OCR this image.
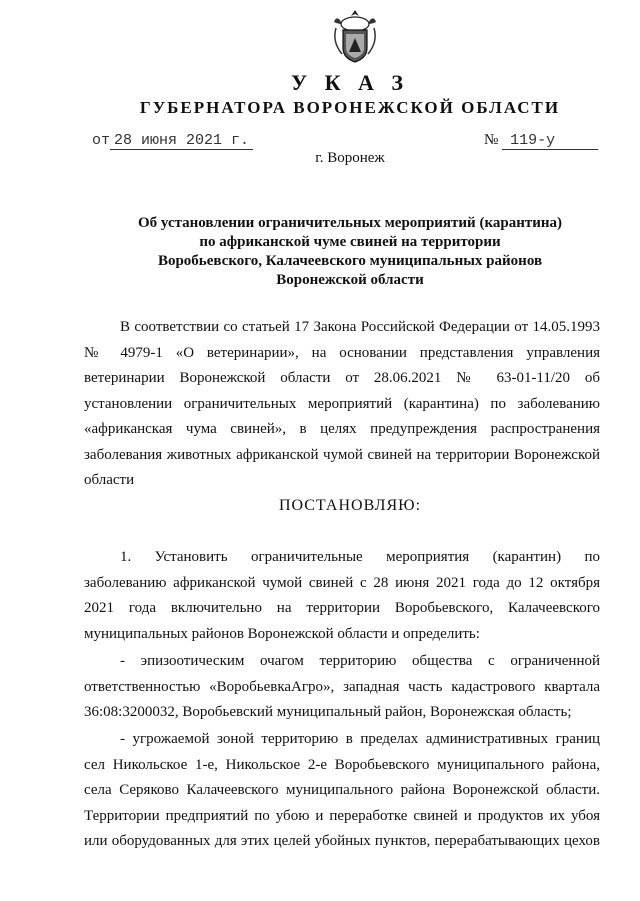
У К А З
ГУБЕРНАТОРА ВОРОНЕЖСКОЙ ОБЛАСТИ
от 28 июня 2021 г.	№ 119-у
г. Воронеж
Об установлении ограничительных мероприятий (карантина)
по африканской чуме свиней на территории
Воробьевского, Калачеевского муниципальных районов
Воронежской области
В соответствии со статьей 17 Закона Российской Федерации от 14.05.1993
№ 4979-1 «О ветеринарии», на основании представления управления
ветеринарии Воронежской области от 28.06.2021 № 63-01-11/20 об
установлении ограничительных мероприятий (карантина) по заболеванию
«африканская чума свиней», в целях предупреждения распространения
заболевания животных африканской чумой свиней на территории Воронежской
области
ПОСТАНОВЛЯЮ:
1. Установить ограничительные мероприятия (карантин) по
заболеванию африканской чумой свиней с 28 июня 2021 года до 12 октября
2021 года включительно на территории Воробьевского, Калачеевского
муниципальных районов Воронежской области и определить:
- эпизоотическим очагом территорию общества с ограниченной
ответственностью «ВоробьевкаАгро», западная часть кадастрового квартала
36:08:3200032, Воробьевский муниципальный район, Воронежская область;
- угрожаемой зоной территорию в пределах административных границ
сел Никольское 1-е, Никольское 2-е Воробьевского муниципального района,
села Серяково Калачеевского муниципального района Воронежской области.
Территории предприятий по убою и переработке свиней и продуктов их убоя
или оборудованных для этих целей убойных пунктов, перерабатывающих цехов
